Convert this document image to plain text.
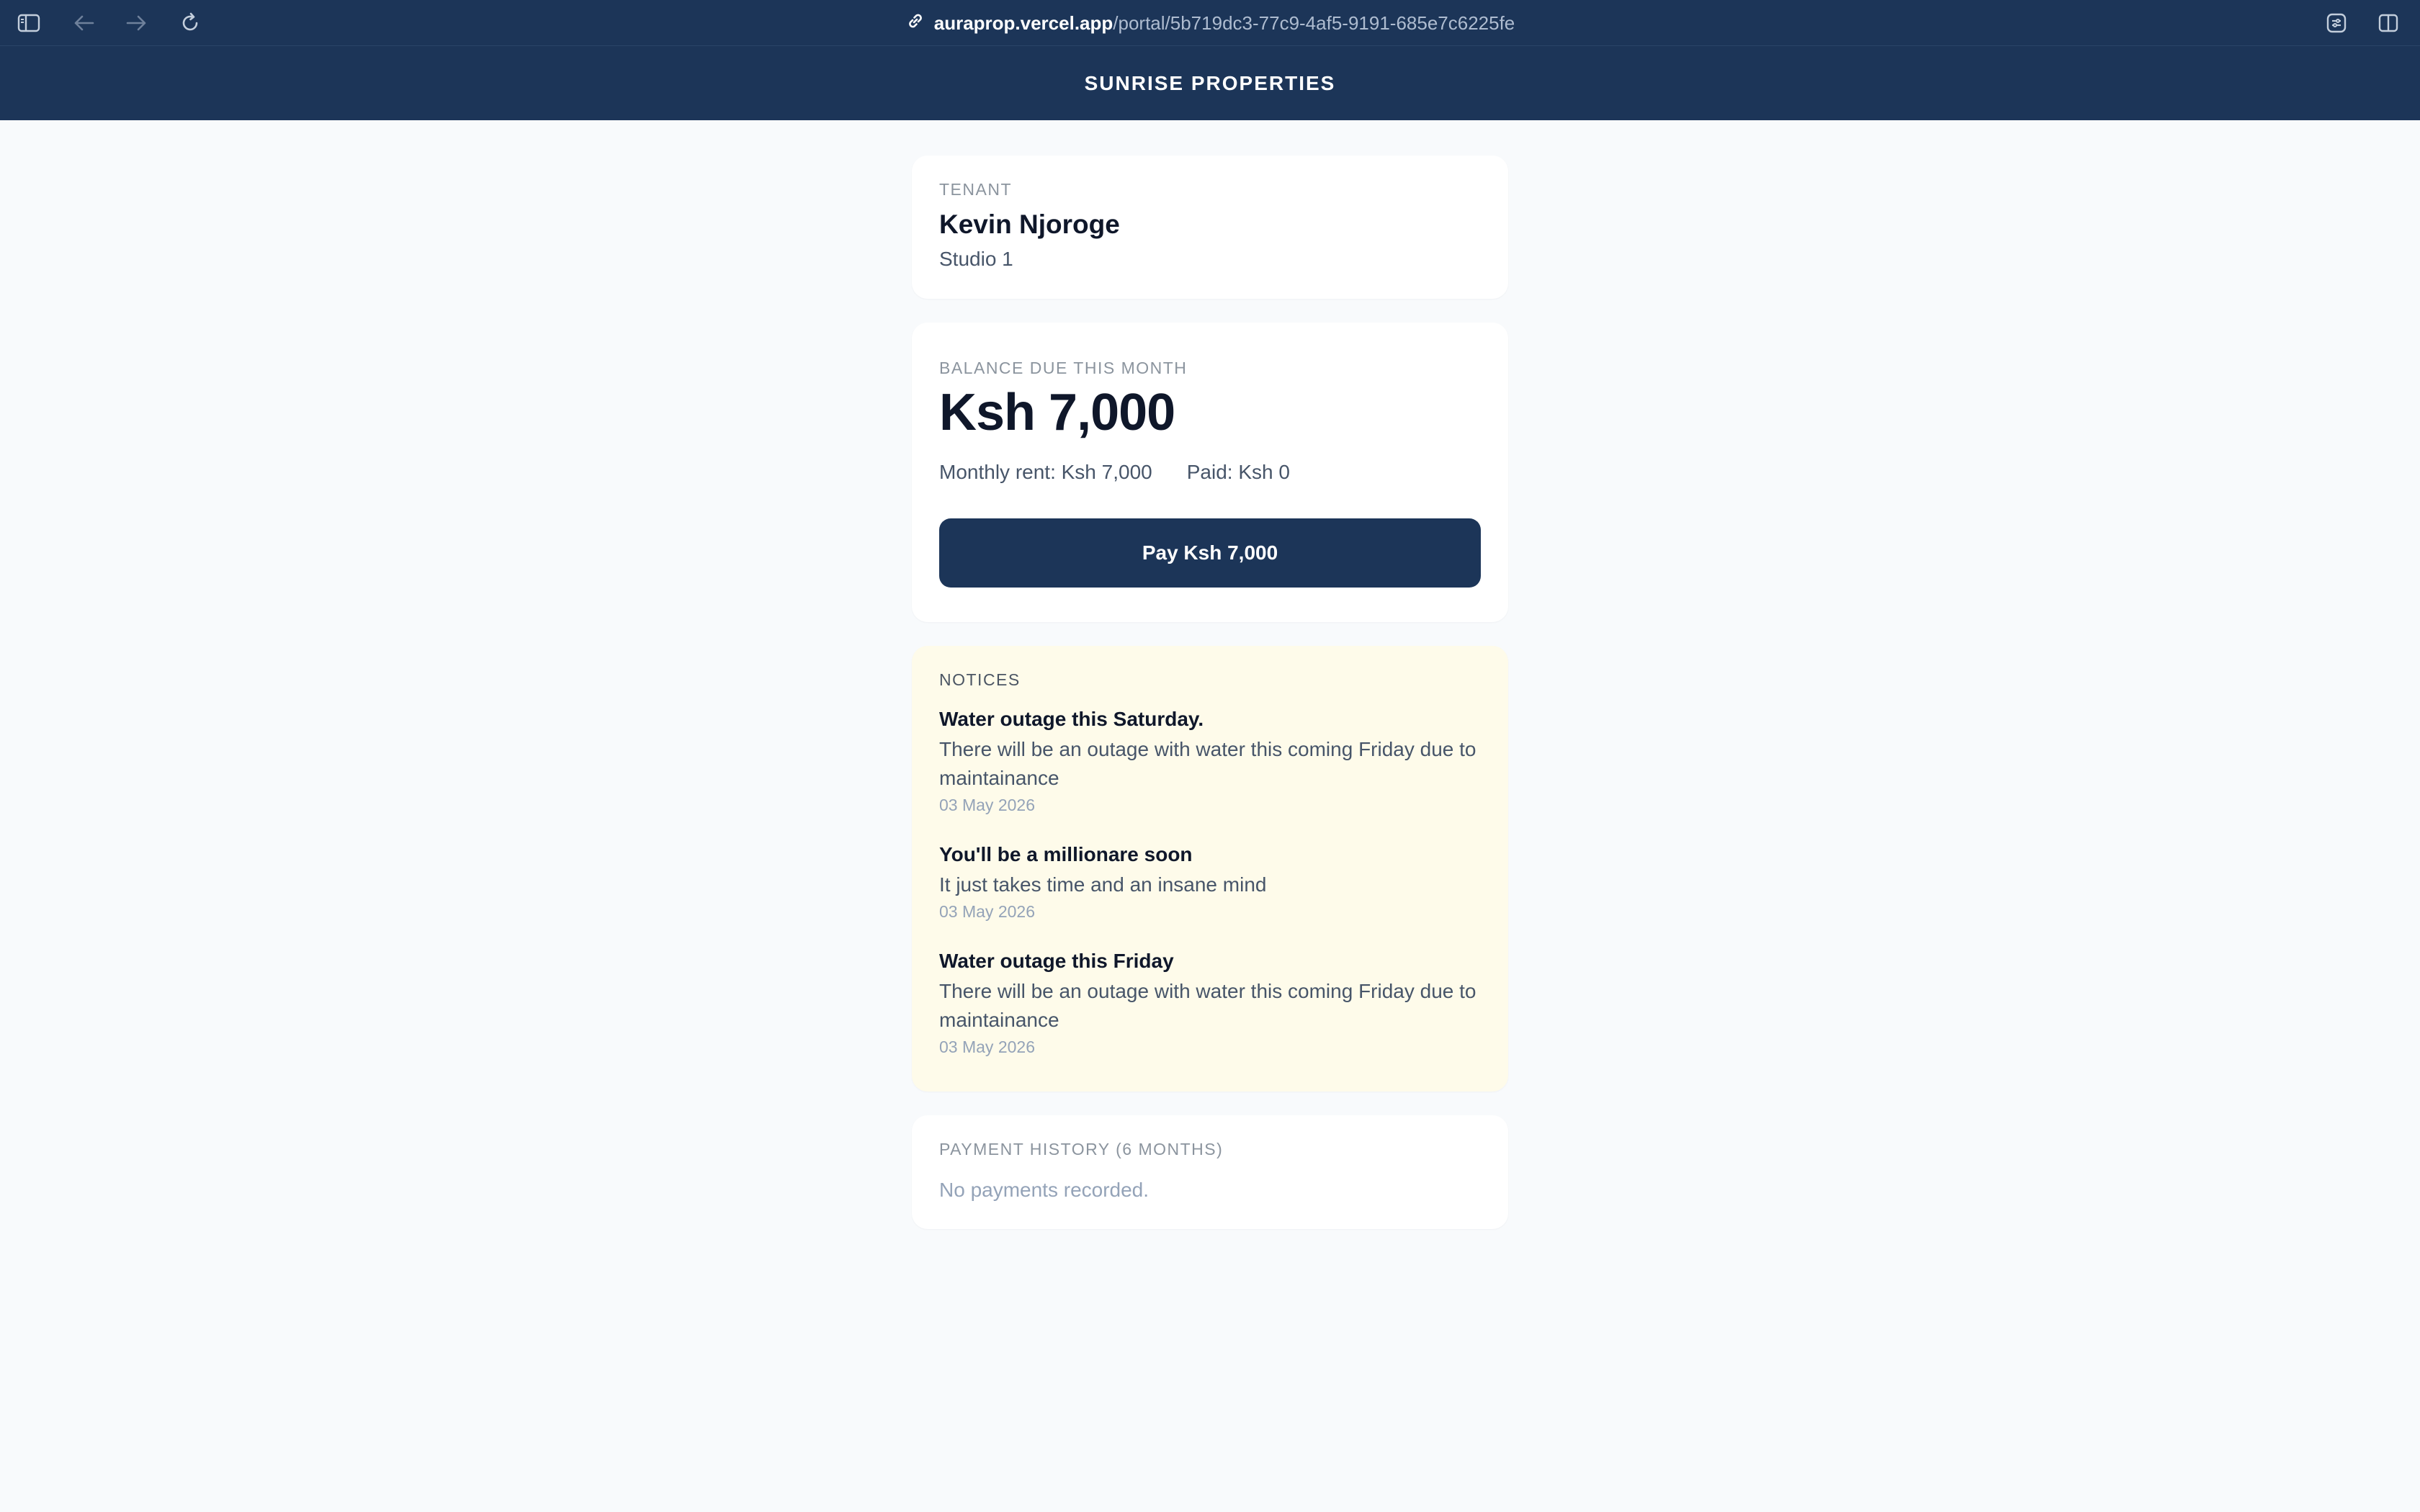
auraprop.vercel.app/portal/5b719dc3-77c9-4af5-9191-685e7c6225fe
SUNRISE PROPERTIES
TENANT
Kevin Njoroge
Studio 1
BALANCE DUE THIS MONTH
Ksh 7,000
Monthly rent: Ksh 7,000 Paid: Ksh 0
Pay Ksh 7,000
NOTICES
Water outage this Saturday.
There will be an outage with water this coming Friday due to maintainance
03 May 2026
You'll be a millionare soon
It just takes time and an insane mind
03 May 2026
Water outage this Friday
There will be an outage with water this coming Friday due to maintainance
03 May 2026
PAYMENT HISTORY (6 MONTHS)
No payments recorded.
